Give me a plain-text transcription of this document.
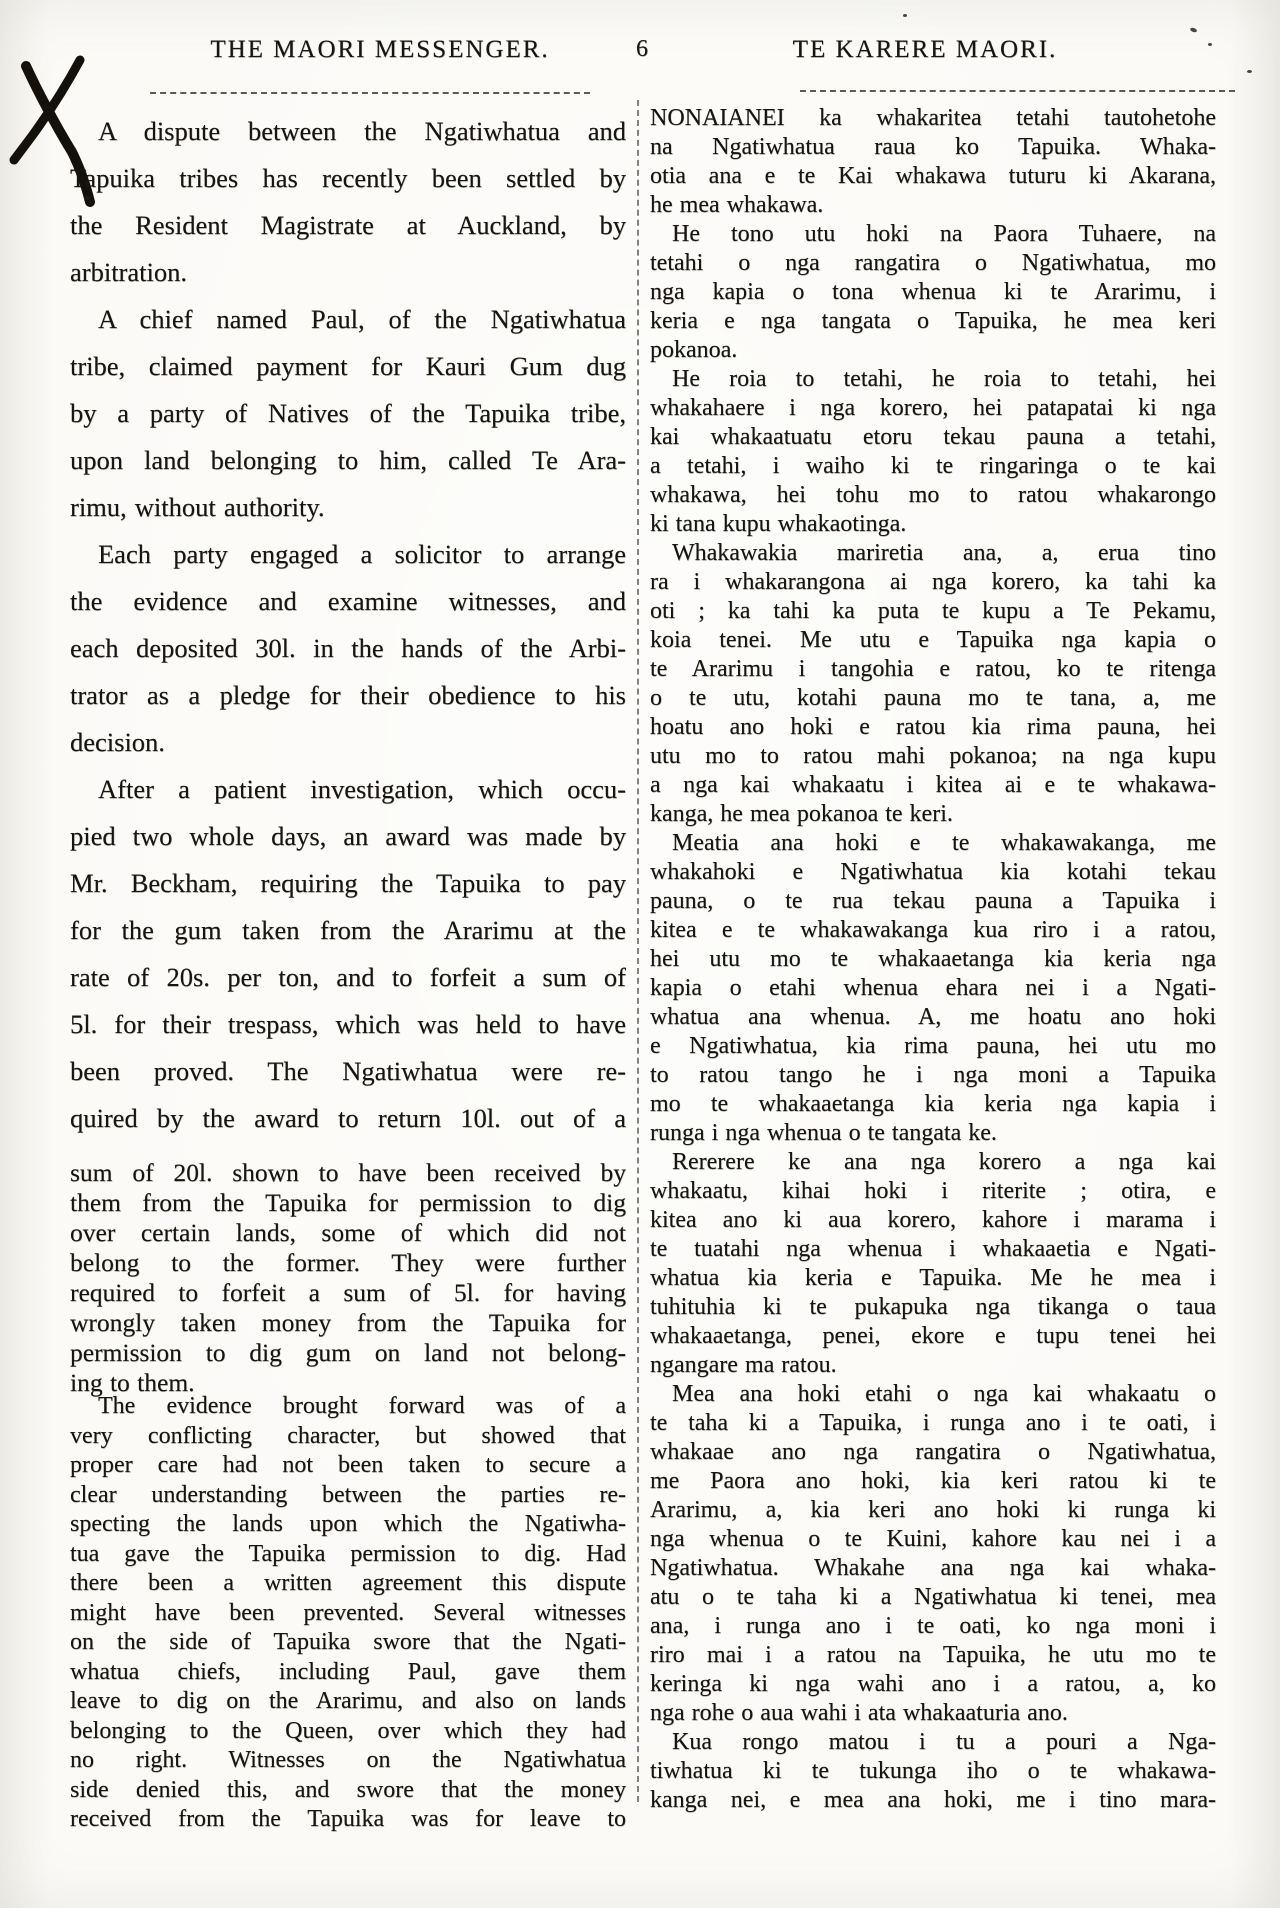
THE MAORI MESSENGER.	6	TE KARERE MAORI.
A dispute between the Ngatiwhatua and
Tapuika tribes has recently been settled by
the Resident Magistrate at Auckland, by
arbitration.
A chief named Paul, of the Ngatiwhatua
tribe, claimed payment for Kauri Gum dug
by a party of Natives of the Tapuika tribe,
upon land belonging to him, called Te Ara-
rimu, without authority.
Each party engaged a solicitor to arrange
the evidence and examine witnesses, and
each deposited 30l. in the hands of the Arbi-
trator as a pledge for their obedience to his
decision.
After a patient investigation, which occu-
pied two whole days, an award was made by
Mr. Beckham, requiring the Tapuika to pay
for the gum taken from the Ararimu at the
rate of 20s. per ton, and to forfeit a sum of
5l. for their trespass, which was held to have
been proved. The Ngatiwhatua were re-
quired by the award to return 10l. out of a
sum of 20l. shown to have been received by
them from the Tapuika for permission to dig
over certain lands, some of which did not
belong to the former. They were further
required to forfeit a sum of 5l. for having
wrongly taken money from the Tapuika for
permission to dig gum on land not belong-
ing to them.
The evidence brought forward was of a
very conflicting character, but showed that
proper care had not been taken to secure a
clear understanding between the parties re-
specting the lands upon which the Ngatiwha-
tua gave the Tapuika permission to dig. Had
there been a written agreement this dispute
might have been prevented. Several witnesses
on the side of Tapuika swore that the Ngati-
whatua chiefs, including Paul, gave them
leave to dig on the Ararimu, and also on lands
belonging to the Queen, over which they had
no right. Witnesses on the Ngatiwhatua
side denied this, and swore that the money
received from the Tapuika was for leave to
NONAIANEI ka whakaritea tetahi tautohetohe
na Ngatiwhatua raua ko Tapuika. Whaka-
otia ana e te Kai whakawa tuturu ki Akarana,
he mea whakawa.
He tono utu hoki na Paora Tuhaere, na
tetahi o nga rangatira o Ngatiwhatua, mo
nga kapia o tona whenua ki te Ararimu, i
keria e nga tangata o Tapuika, he mea keri
pokanoa.
He roia to tetahi, he roia to tetahi, hei
whakahaere i nga korero, hei patapatai ki nga
kai whakaatuatu etoru tekau pauna a tetahi,
a tetahi, i waiho ki te ringaringa o te kai
whakawa, hei tohu mo to ratou whakarongo
ki tana kupu whakaotinga.
Whakawakia mariretia ana, a, erua tino
ra i whakarangona ai nga korero, ka tahi ka
oti ; ka tahi ka puta te kupu a Te Pekamu,
koia tenei. Me utu e Tapuika nga kapia o
te Ararimu i tangohia e ratou, ko te ritenga
o te utu, kotahi pauna mo te tana, a, me
hoatu ano hoki e ratou kia rima pauna, hei
utu mo to ratou mahi pokanoa; na nga kupu
a nga kai whakaatu i kitea ai e te whakawa-
kanga, he mea pokanoa te keri.
Meatia ana hoki e te whakawakanga, me
whakahoki e Ngatiwhatua kia kotahi tekau
pauna, o te rua tekau pauna a Tapuika i
kitea e te whakawakanga kua riro i a ratou,
hei utu mo te whakaaetanga kia keria nga
kapia o etahi whenua ehara nei i a Ngati-
whatua ana whenua. A, me hoatu ano hoki
e Ngatiwhatua, kia rima pauna, hei utu mo
to ratou tango he i nga moni a Tapuika
mo te whakaaetanga kia keria nga kapia i
runga i nga whenua o te tangata ke.
Rererere ke ana nga korero a nga kai
whakaatu, kihai hoki i riterite ; otira, e
kitea ano ki aua korero, kahore i marama i
te tuatahi nga whenua i whakaaetia e Ngati-
whatua kia keria e Tapuika. Me he mea i
tuhituhia ki te pukapuka nga tikanga o taua
whakaaetanga, penei, ekore e tupu tenei hei
ngangare ma ratou.
Mea ana hoki etahi o nga kai whakaatu o
te taha ki a Tapuika, i runga ano i te oati, i
whakaae ano nga rangatira o Ngatiwhatua,
me Paora ano hoki, kia keri ratou ki te
Ararimu, a, kia keri ano hoki ki runga ki
nga whenua o te Kuini, kahore kau nei i a
Ngatiwhatua. Whakahe ana nga kai whaka-
atu o te taha ki a Ngatiwhatua ki tenei, mea
ana, i runga ano i te oati, ko nga moni i
riro mai i a ratou na Tapuika, he utu mo te
keringa ki nga wahi ano i a ratou, a, ko
nga rohe o aua wahi i ata whakaaturia ano.
Kua rongo matou i tu a pouri a Nga-
tiwhatua ki te tukunga iho o te whakawa-
kanga nei, e mea ana hoki, me i tino mara-
